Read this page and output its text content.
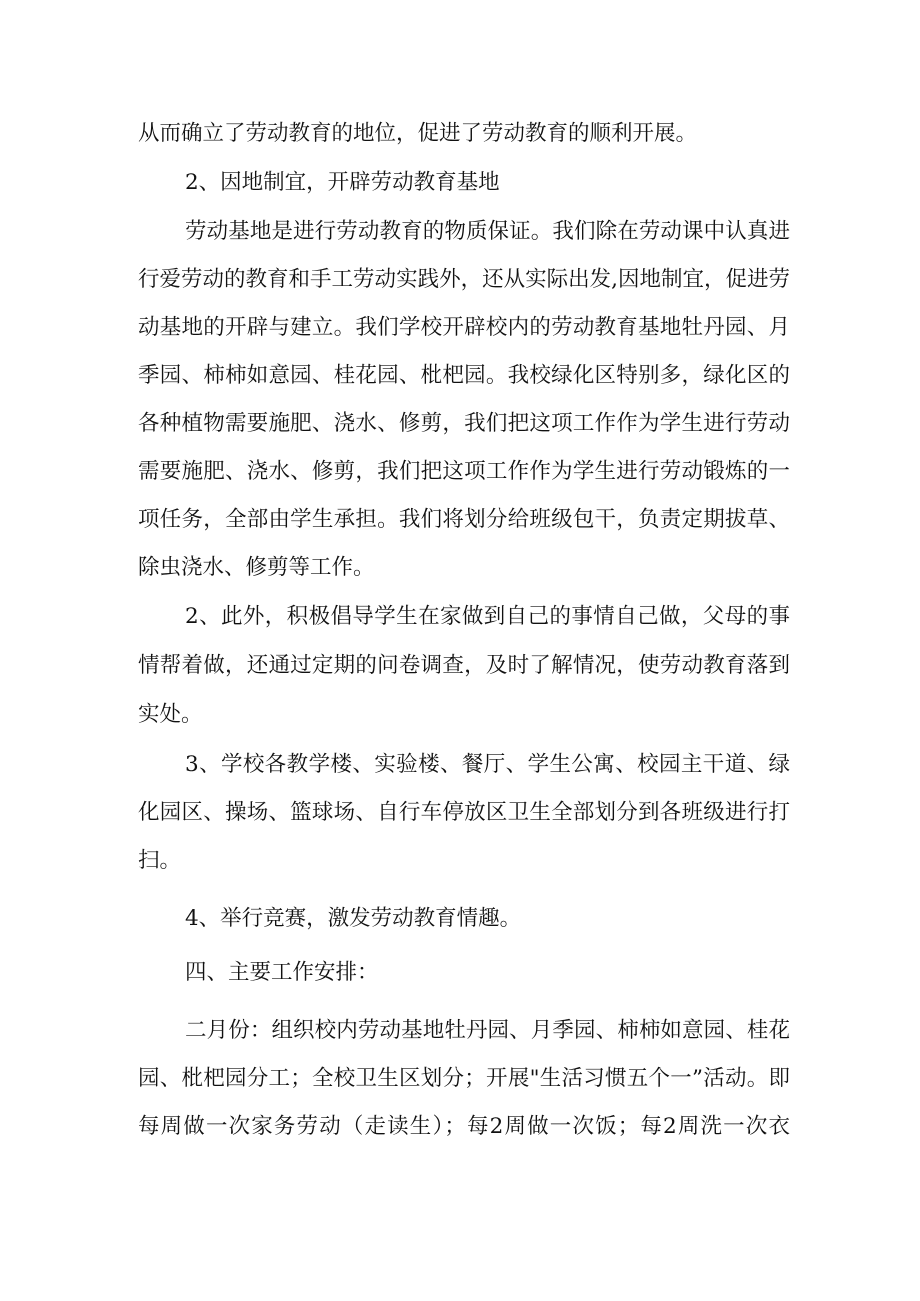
从而确立了劳动教育的地位，促进了劳动教育的顺利开展。
2、因地制宜，开辟劳动教育基地
劳动基地是进行劳动教育的物质保证。我们除在劳动课中认真进
行爱劳动的教育和手工劳动实践外，还从实际出发,因地制宜，促进劳
动基地的开辟与建立。我们学校开辟校内的劳动教育基地牡丹园、月
季园、柿柿如意园、桂花园、枇杷园。我校绿化区特别多，绿化区的
各种植物需要施肥、浇水、修剪，我们把这项工作作为学生进行劳动
需要施肥、浇水、修剪，我们把这项工作作为学生进行劳动锻炼的一
项任务，全部由学生承担。我们将划分给班级包干，负责定期拔草、
除虫浇水、修剪等工作。
2、此外，积极倡导学生在家做到自己的事情自己做，父母的事
情帮着做，还通过定期的问卷调查，及时了解情况，使劳动教育落到
实处。
3、学校各教学楼、实验楼、餐厅、学生公寓、校园主干道、绿
化园区、操场、篮球场、自行车停放区卫生全部划分到各班级进行打
扫。
4、举行竞赛，激发劳动教育情趣。
四、主要工作安排：
二月份：组织校内劳动基地牡丹园、月季园、柿柿如意园、桂花
园、枇杷园分工；全校卫生区划分；开展"生活习惯五个一”活动。即
每周做一次家务劳动（走读生）；每2周做一次饭；每2周洗一次衣
